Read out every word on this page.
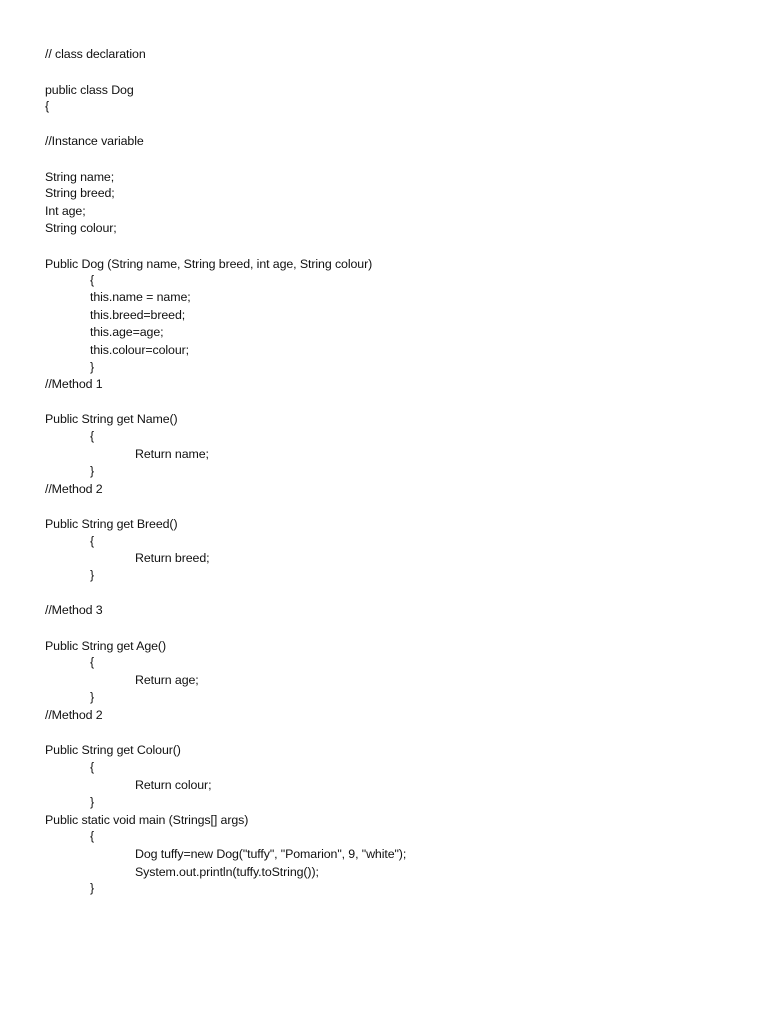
// class declaration
public class Dog
{
//Instance variable
String name;
String breed;
Int age;
String colour;
Public Dog (String name, String breed, int age, String colour)
{
this.name = name;
this.breed=breed;
this.age=age;
this.colour=colour;
}
//Method 1
Public String get Name()
{
Return name;
}
//Method 2
Public String get Breed()
{
Return breed;
}
//Method 3
Public String get Age()
{
Return age;
}
//Method 2
Public String get Colour()
{
Return colour;
}
Public static void main (Strings[] args)
{
Dog tuffy=new Dog("tuffy", "Pomarion", 9, "white");
System.out.println(tuffy.toString());
}
